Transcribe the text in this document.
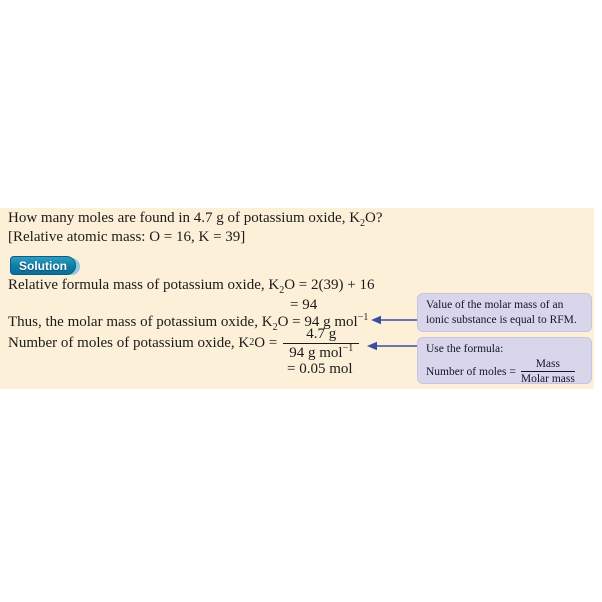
How many moles are found in 4.7 g of potassium oxide, $K_2O$?
[Relative atomic mass: O = 16, K = 39]
Solution
Relative formula mass of potassium oxide, $K_2O = 2(39) + 16$
= 94
Thus, the molar mass of potassium oxide, $K_2O = 94$ g mol$^{-1}$
Number of moles of potassium oxide, K 2 $O = \frac{4.7 g}{94 g mol^{-1}}$
= 0.05 mol
Value of the molar mass of an
ionic substance is equal to RFM.
Use the formula:
Number of moles = $\frac{\text{Mass}}{\text{Molar mass}}$
